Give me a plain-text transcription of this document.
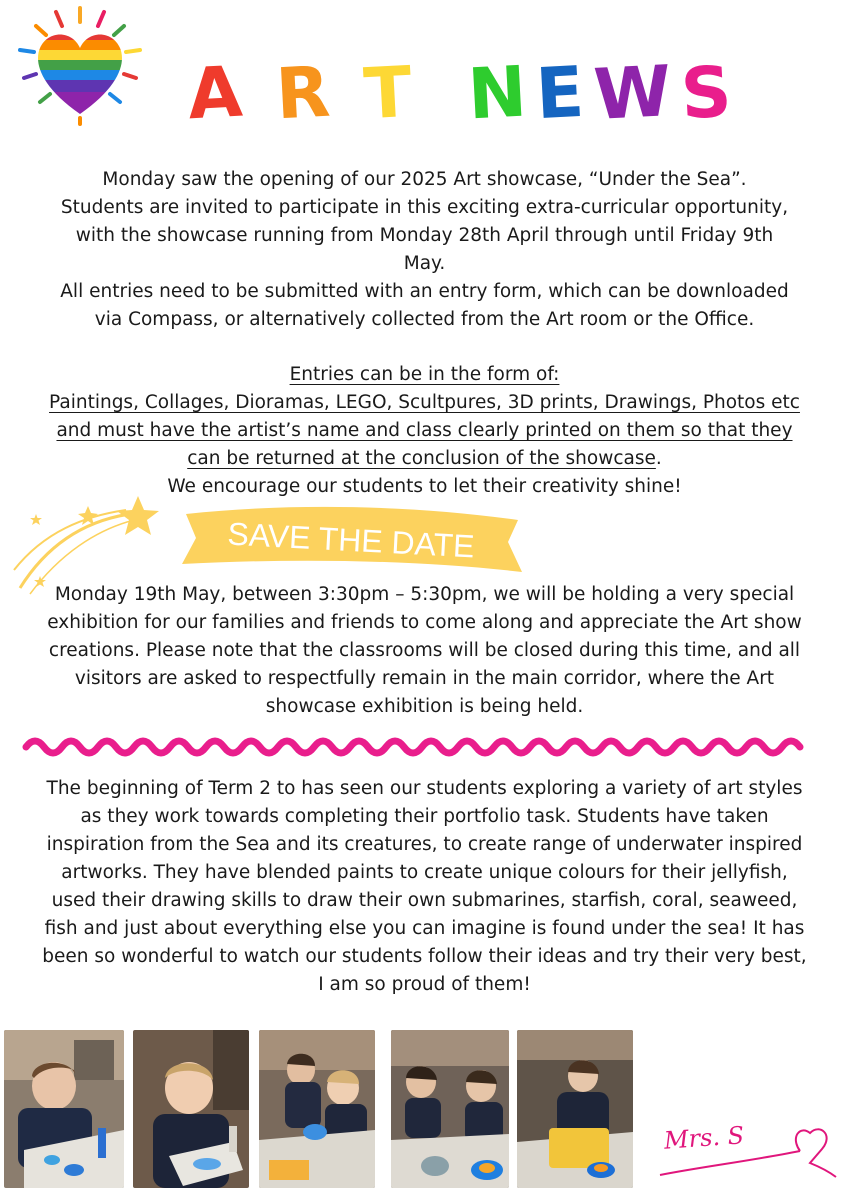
A R T N E W S

Monday saw the opening of our 2025 Art showcase, “Under the Sea”.

Students are invited to participate in this exciting extra-curricular opportunity,

with the showcase running from Monday 28th April through until Friday 9th

May.

All entries need to be submitted with an entry form, which can be downloaded

via Compass, or alternatively collected from the Art room or the Office.

Entries can be in the form of:

Paintings, Collages, Dioramas, LEGO, Scultpures, 3D prints, Drawings, Photos etc

and must have the artist’s name and class clearly printed on them so that they

can be returned at the conclusion of the showcase.

We encourage our students to let their creativity shine!

SAVE THE DATE

Monday 19th May, between 3:30pm – 5:30pm, we will be holding a very special

exhibition for our families and friends to come along and appreciate the Art show

creations. Please note that the classrooms will be closed during this time, and all

visitors are asked to respectfully remain in the main corridor, where the Art

showcase exhibition is being held.

The beginning of Term 2 to has seen our students exploring a variety of art styles

as they work towards completing their portfolio task. Students have taken

inspiration from the Sea and its creatures, to create range of underwater inspired

artworks. They have blended paints to create unique colours for their jellyfish,

used their drawing skills to draw their own submarines, starfish, coral, seaweed,

fish and just about everything else you can imagine is found under the sea! It has

been so wonderful to watch our students follow their ideas and try their very best,

I am so proud of them!

Mrs. S
